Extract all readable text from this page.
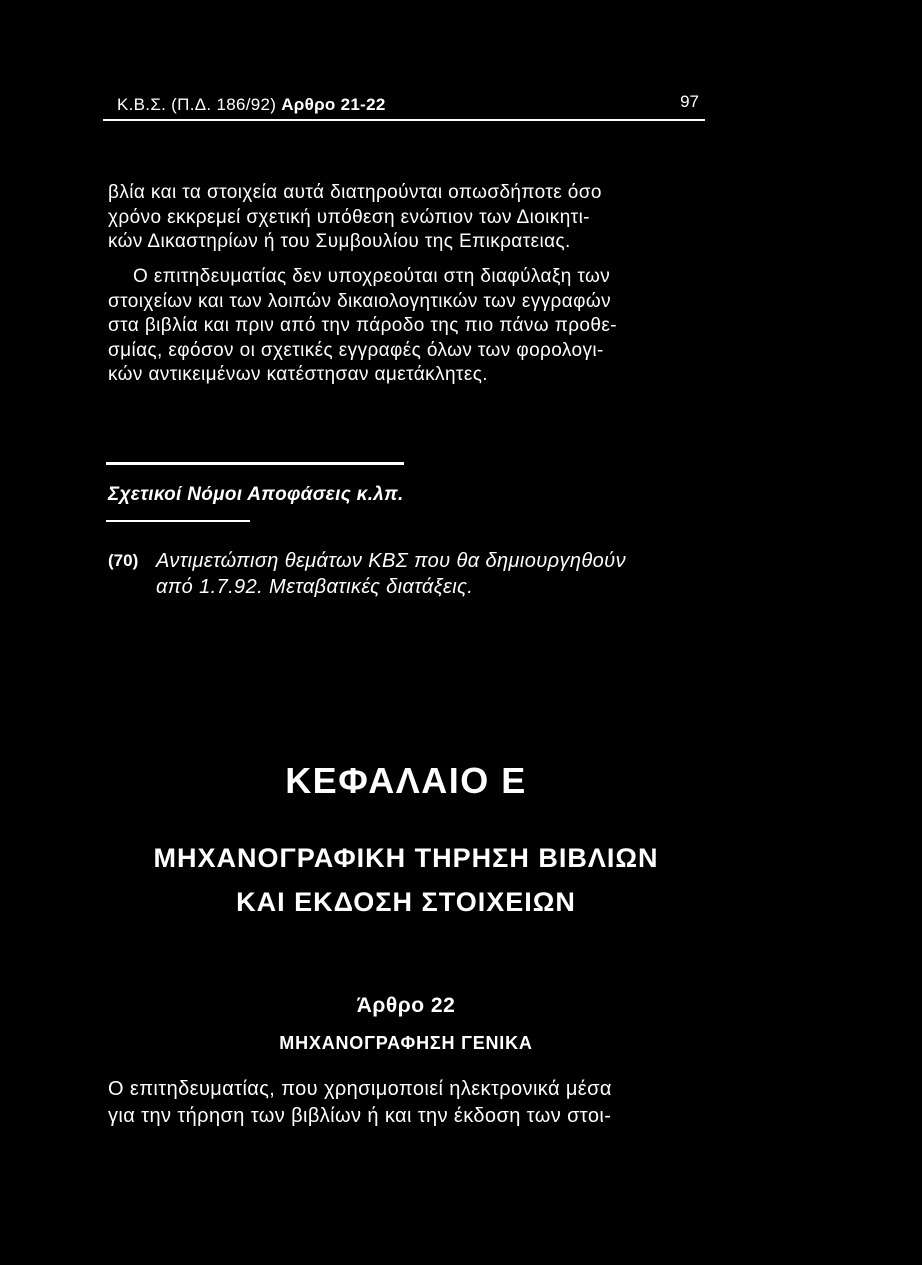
Κ.Β.Σ. (Π.Δ. 186/92) Αρθρο 21-22	97
βλία και τα στοιχεία αυτά διατηρούνται οπωσδήποτε όσο
χρόνο εκκρεμεί σχετική υπόθεση ενώπιον των Διοικητι-
κών Δικαστηρίων ή του Συμβουλίου της Επικρατειας.
Ο επιτηδευματίας δεν υποχρεούται στη διαφύλαξη των
στοιχείων και των λοιπών δικαιολογητικών των εγγραφών
στα βιβλία και πριν από την πάροδο της πιο πάνω προθε-
σμίας, εφόσον οι σχετικές εγγραφές όλων των φορολογι-
κών αντικειμένων κατέστησαν αμετάκλητες.
Σχετικοί Νόμοι Αποφάσεις κ.λπ.
(70) Αντιμετώπιση θεμάτων ΚΒΣ που θα δημιουργηθούν
από 1.7.92. Μεταβατικές διατάξεις.
ΚΕΦΑΛΑΙΟ Ε
ΜΗΧΑΝΟΓΡΑΦΙΚΗ ΤΗΡΗΣΗ ΒΙΒΛΙΩΝ
ΚΑΙ ΕΚΔΟΣΗ ΣΤΟΙΧΕΙΩΝ
Άρθρο 22
ΜΗΧΑΝΟΓΡΑΦΗΣΗ ΓΕΝΙΚΑ
Ο επιτηδευματίας, που χρησιμοποιεί ηλεκτρονικά μέσα
για την τήρηση των βιβλίων ή και την έκδοση των στοι-
